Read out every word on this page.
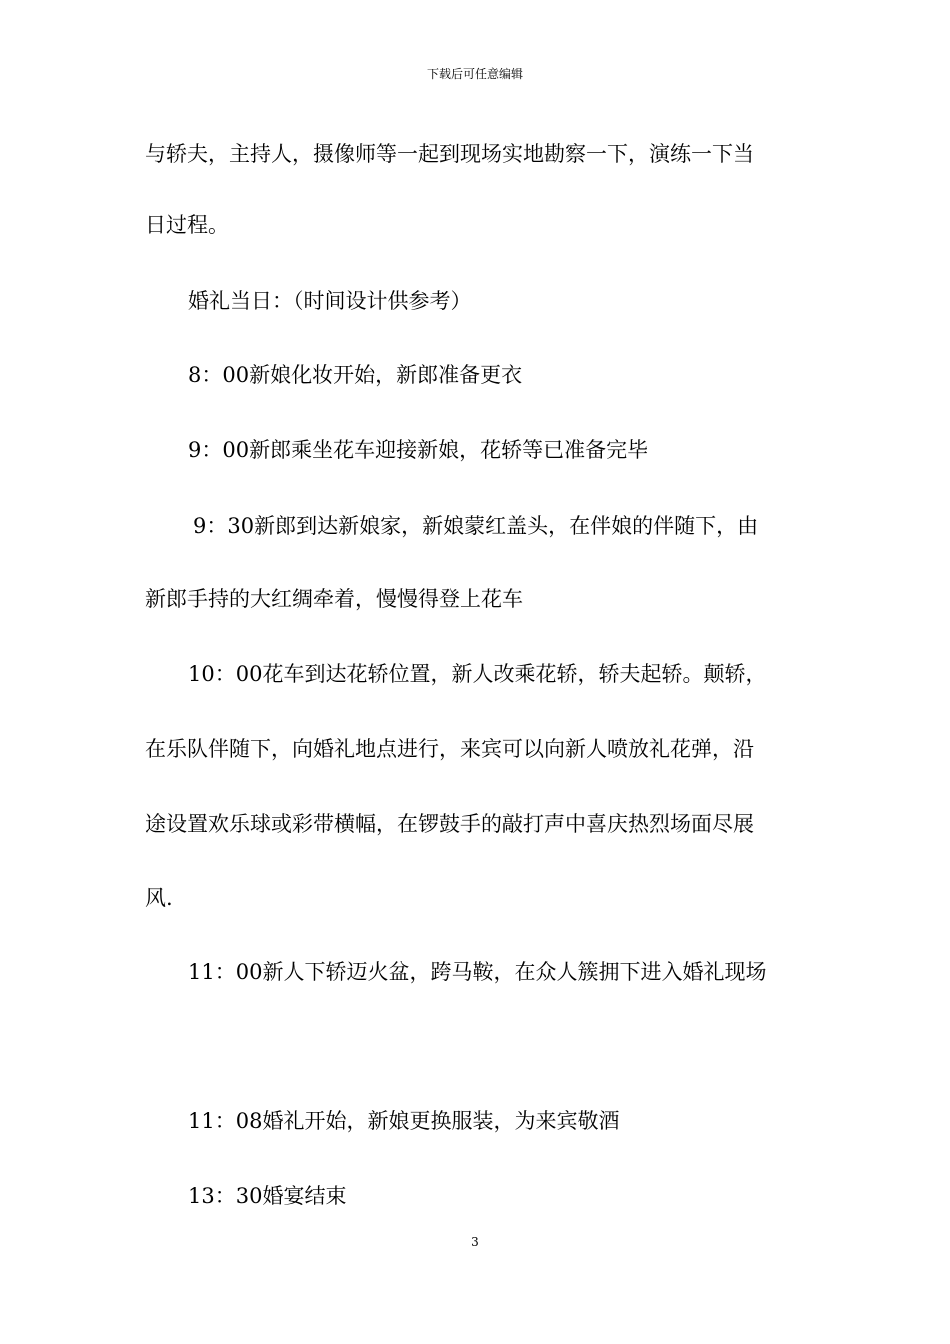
下载后可任意编辑
与轿夫，主持人，摄像师等一起到现场实地勘察一下，演练一下当
日过程。
婚礼当日：（时间设计供参考）
8：00新娘化妆开始，新郎准备更衣
9：00新郎乘坐花车迎接新娘，花轿等已准备完毕
9：30新郎到达新娘家，新娘蒙红盖头，在伴娘的伴随下，由
新郎手持的大红绸牵着，慢慢得登上花车
10：00花车到达花轿位置，新人改乘花轿，轿夫起轿。颠轿，
在乐队伴随下，向婚礼地点进行，来宾可以向新人喷放礼花弹，沿
途设置欢乐球或彩带横幅，在锣鼓手的敲打声中喜庆热烈场面尽展
风.
11：00新人下轿迈火盆，跨马鞍，在众人簇拥下进入婚礼现场
11：08婚礼开始，新娘更换服装，为来宾敬酒
13：30婚宴结束
3
